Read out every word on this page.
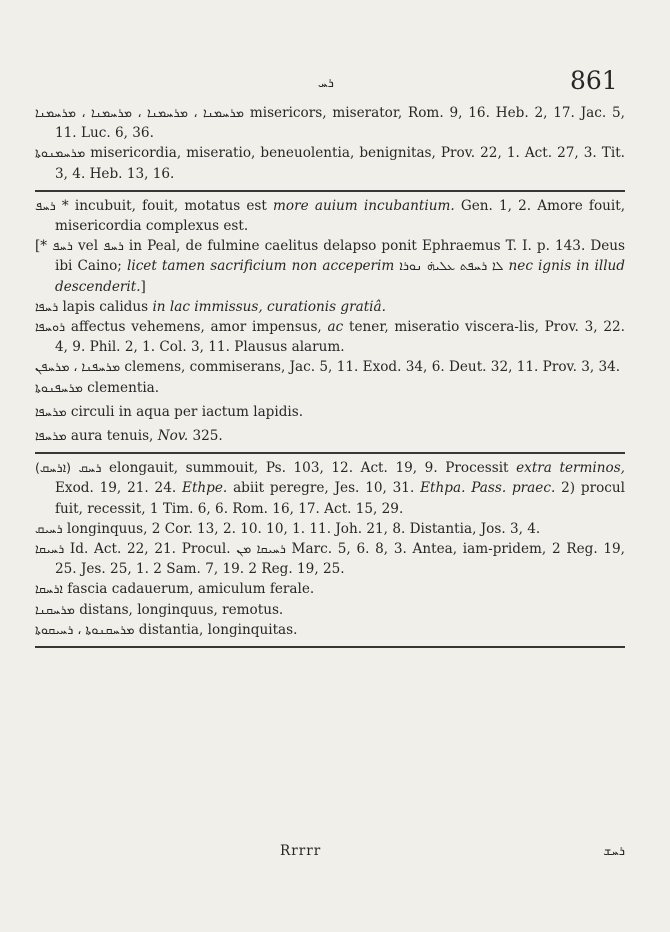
ܪܚ	861

ܡܪܚܡܢܐ ، ܡܪܚܡܢܐ ، ܡܪܚܡܢܐ ، ܡܪܚܡܢܐ misericors, miserator, Rom. 9, 16. Heb. 2, 17. Jac. 5, 11. Luc. 6, 36.

ܡܪܚܡܢܘܬܐ misericordia, miseratio, beneuolentia, benignitas, Prov. 22, 1. Act. 27, 3. Tit. 3, 4. Heb. 13, 16.

ܪܚܦ * incubuit, fouit, motatus est more auium incubantium. Gen. 1, 2. Amore fouit, misericordia complexus est.

[* ܪܚܦ vel ܪܚܦ in Peal, de fulmine caelitus delapso ponit Ephraemus T. I. p. 143. Deus ibi Caino; licet tamen sacrificium non acceperim ܠܐ ܪܚܦܬ ܥܠܝܗ̇ ܢܘܪܐ nec ignis in illud descenderit.]

ܪܚܦܐ lapis calidus in lac immissus, curationis gratiâ.

ܪܘܚܦܐ affectus vehemens, amor impensus, ac tener, miseratio viscera-lis, Prov. 3, 22. 4, 9. Phil. 2, 1. Col. 3, 11. Plausus alarum.

ܡܪܚܦܢܐ ، ܡܪܚܦܢ clemens, commiserans, Jac. 5, 11. Exod. 34, 6. Deut. 32, 11. Prov. 3, 34.

ܡܪܚܦܢܘܬܐ clementia.

ܡܪܚܦܐ circuli in aqua per iactum lapidis.

ܡܪܚܦܐ aura tenuis, Nov. 325.

(ܐܪܚܩ) ܪܚܩ elongauit, summouit, Ps. 103, 12. Act. 19, 9. Processit extra terminos, Exod. 19, 21. 24. Ethpe. abiit peregre, Jes. 10, 31. Ethpa. Pass. praec. 2) procul fuit, recessit, 1 Tim. 6, 6. Rom. 16, 17. Act. 15, 29.

ܪܚܝܩ longinquus, 2 Cor. 13, 2. 10. 10, 1. 11. Joh. 21, 8. Distantia, Jos. 3, 4.

ܪܚܝܩܐ Id. Act. 22, 21. Procul. ܪܚܝܩܐ ܡܢ Marc. 5, 6. 8, 3. Antea, iam-pridem, 2 Reg. 19, 25. Jes. 25, 1. 2 Sam. 7, 19. 2 Reg. 19, 25.

ܐܪܚܩܐ fascia cadauerum, amiculum ferale.

ܡܪܚܩܢܐ distans, longinquus, remotus.

ܡܪܚܩܢܘܬܐ ، ܪܚܝܩܘܬܐ distantia, longinquitas.

Rrrrr	ܪܚܫ
